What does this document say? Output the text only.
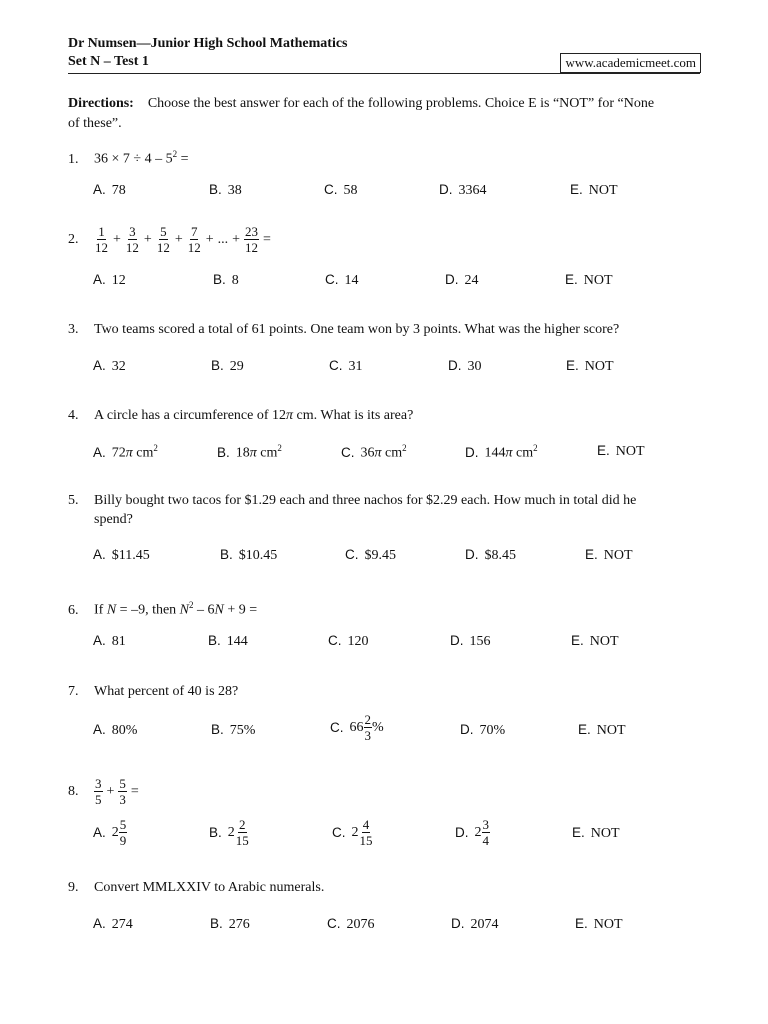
Dr Numsen—Junior High School Mathematics
Set N – Test 1	www.academicmeet.com
Directions: Choose the best answer for each of the following problems. Choice E is “NOT” for “None
of these”.
1. $36 \times 7 \div 4 - 5^2$ =
A. 78	B. 38	C. 58	D. 3364	E. NOT
2.	$\frac{1}{12} + \frac{3}{12} + \frac{5}{12} + \frac{7}{12}$ + ... + $\frac{23}{12}$ =
A. 12	B. 8	C. 14	D. 24	E. NOT
3. Two teams scored a total of 61 points. One team won by 3 points. What was the higher score?
A. 32	B. 29	C. 31	D. 30	E. NOT
4. A circle has a circumference of 12π cm. What is its area?
A. 72π $cm^2$	B. 18π $cm^2$	C. 36π $cm^2$	D. 144π $cm^2$	E. NOT
5. Billy bought two tacos for $1.29 each and three nachos for $2.29 each. How much in total did he
spend?
A. $11.45	B. $10.45	C. $9.45	D. $8.45	E. NOT
6. If N = –9, then $N^2 - 6N + 9$ =
A. 81	B. 144	C. 120	D. 156	E. NOT
7. What percent of 40 is 28?
A. 80%	B. 75%	C. $66 \frac{2}{3}$ %	D. 70%	E. NOT
8.	$\frac{3}{5} + \frac{5}{3}$ =
A. $2 \frac{5}{9}$	B. $2 \frac{2}{15}$	C. $2 \frac{4}{15}$	D. $2 \frac{3}{4}$	E. NOT
9. Convert MMLXXIV to Arabic numerals.
A. 274	B. 276	C. 2076	D. 2074	E. NOT
